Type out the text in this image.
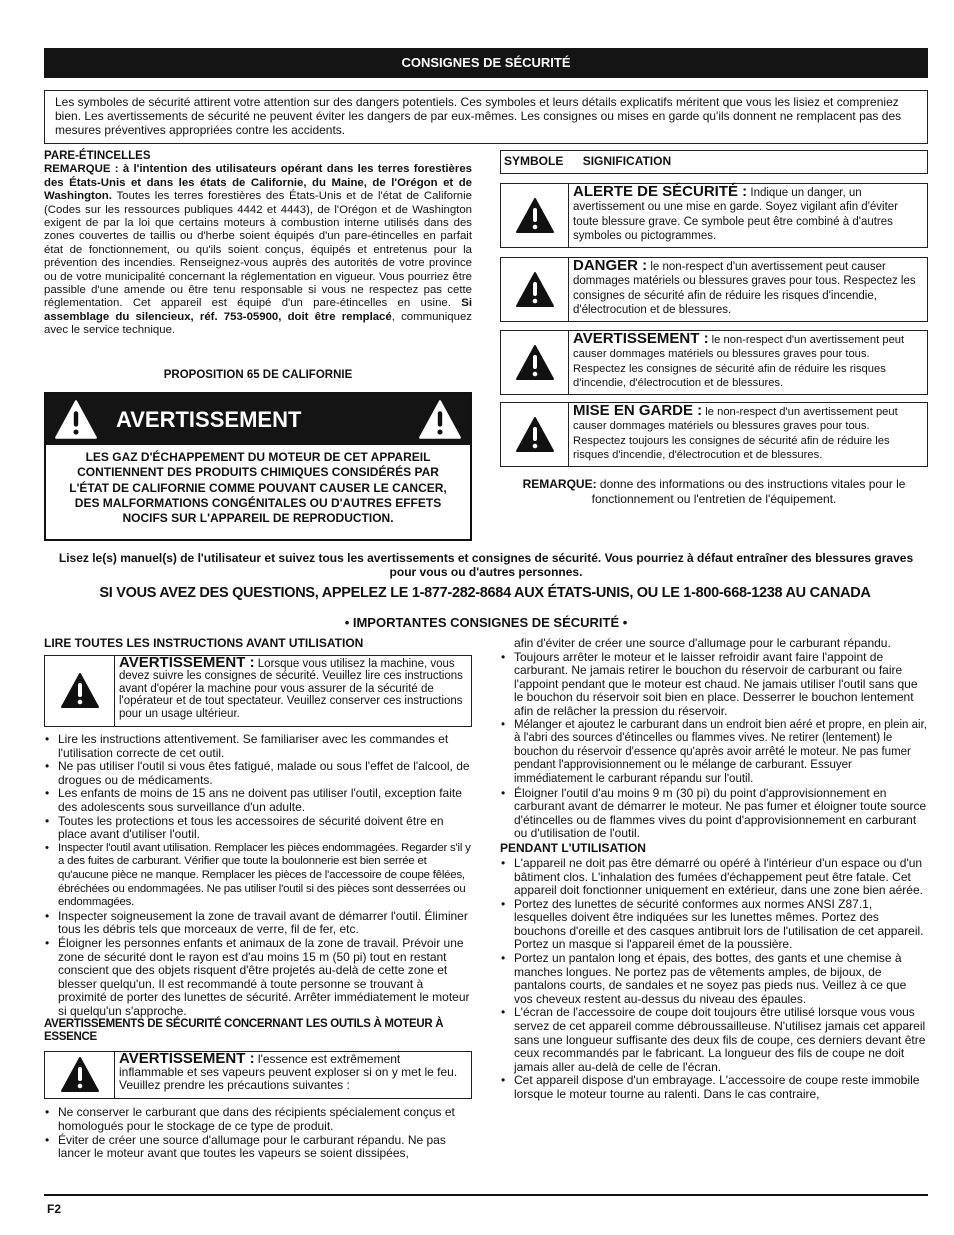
CONSIGNES DE SÉCURITÉ
Les symboles de sécurité attirent votre attention sur des dangers potentiels. Ces symboles et leurs détails explicatifs méritent que vous les lisiez et compreniez bien. Les avertissements de sécurité ne peuvent éviter les dangers de par eux-mêmes. Les consignes ou mises en garde qu'ils donnent ne remplacent pas des mesures préventives appropriées contre les accidents.
PARE-ÉTINCELLES
REMARQUE : à l'intention des utilisateurs opérant dans les terres forestières des États-Unis et dans les états de Californie, du Maine, de l'Orégon et de Washington. Toutes les terres forestières des États-Unis et de l'état de Californie (Codes sur les ressources publiques 4442 et 4443), de l'Orégon et de Washington exigent de par la loi que certains moteurs à combustion interne utilisés dans des zones couvertes de taillis ou d'herbe soient équipés d'un pare-étincelles en parfait état de fonctionnement, ou qu'ils soient conçus, équipés et entretenus pour la prévention des incendies. Renseignez-vous auprès des autorités de votre province ou de votre municipalité concernant la réglementation en vigueur. Vous pourriez être passible d'une amende ou être tenu responsable si vous ne respectez pas cette réglementation. Cet appareil est équipé d'un pare-étincelles en usine. Si assemblage du silencieux, réf. 753-05900, doit être remplacé, communiquez avec le service technique.
PROPOSITION 65 DE CALIFORNIE
AVERTISSEMENT
LES GAZ D'ÉCHAPPEMENT DU MOTEUR DE CET APPAREIL CONTIENNENT DES PRODUITS CHIMIQUES CONSIDÉRÉS PAR L'ÉTAT DE CALIFORNIE COMME POUVANT CAUSER LE CANCER, DES MALFORMATIONS CONGÉNITALES OU D'AUTRES EFFETS NOCIFS SUR L'APPAREIL DE REPRODUCTION.
SYMBOLE SIGNIFICATION
ALERTE DE SÉCURITÉ : Indique un danger, un avertissement ou une mise en garde. Soyez vigilant afin d'éviter toute blessure grave. Ce symbole peut être combiné à d'autres symboles ou pictogrammes.
DANGER : le non-respect d'un avertissement peut causer dommages matériels ou blessures graves pour tous. Respectez les consignes de sécurité afin de réduire les risques d'incendie, d'électrocution et de blessures.
AVERTISSEMENT : le non-respect d'un avertissement peut causer dommages matériels ou blessures graves pour tous. Respectez les consignes de sécurité afin de réduire les risques d'incendie, d'électrocution et de blessures.
MISE EN GARDE : le non-respect d'un avertissement peut causer dommages matériels ou blessures graves pour tous. Respectez toujours les consignes de sécurité afin de réduire les risques d'incendie, d'électrocution et de blessures.
REMARQUE: donne des informations ou des instructions vitales pour le fonctionnement ou l'entretien de l'équipement.
Lisez le(s) manuel(s) de l'utilisateur et suivez tous les avertissements et consignes de sécurité. Vous pourriez à défaut entraîner des blessures graves pour vous ou d'autres personnes.
SI VOUS AVEZ DES QUESTIONS, APPELEZ LE 1-877-282-8684 AUX ÉTATS-UNIS, OU LE 1-800-668-1238 AU CANADA
• IMPORTANTES CONSIGNES DE SÉCURITÉ •
LIRE TOUTES LES INSTRUCTIONS AVANT UTILISATION
AVERTISSEMENT : Lorsque vous utilisez la machine, vous devez suivre les consignes de sécurité. Veuillez lire ces instructions avant d'opérer la machine pour vous assurer de la sécurité de l'opérateur et de tout spectateur. Veuillez conserver ces instructions pour un usage ultérieur.
• Lire les instructions attentivement. Se familiariser avec les commandes et l'utilisation correcte de cet outil.
• Ne pas utiliser l'outil si vous êtes fatigué, malade ou sous l'effet de l'alcool, de drogues ou de médicaments.
• Les enfants de moins de 15 ans ne doivent pas utiliser l'outil, exception faite des adolescents sous surveillance d'un adulte.
• Toutes les protections et tous les accessoires de sécurité doivent être en place avant d'utiliser l'outil.
• Inspecter l'outil avant utilisation. Remplacer les pièces endommagées. Regarder s'il y a des fuites de carburant. Vérifier que toute la boulonnerie est bien serrée et qu'aucune pièce ne manque. Remplacer les pièces de l'accessoire de coupe fêlées, ébréchées ou endommagées. Ne pas utiliser l'outil si des pièces sont desserrées ou endommagées.
• Inspecter soigneusement la zone de travail avant de démarrer l'outil. Éliminer tous les débris tels que morceaux de verre, fil de fer, etc.
• Éloigner les personnes enfants et animaux de la zone de travail. Prévoir une zone de sécurité dont le rayon est d'au moins 15 m (50 pi) tout en restant conscient que des objets risquent d'être projetés au-delà de cette zone et blesser quelqu'un. Il est recommandé à toute personne se trouvant à proximité de porter des lunettes de sécurité. Arrêter immédiatement le moteur si quelqu'un s'approche.
AVERTISSEMENTS DE SÉCURITÉ CONCERNANT LES OUTILS À MOTEUR À ESSENCE
AVERTISSEMENT : l'essence est extrêmement inflammable et ses vapeurs peuvent exploser si on y met le feu. Veuillez prendre les précautions suivantes :
• Ne conserver le carburant que dans des récipients spécialement conçus et homologués pour le stockage de ce type de produit.
• Éviter de créer une source d'allumage pour le carburant répandu. Ne pas lancer le moteur avant que toutes les vapeurs se soient dissipées,
afin d'éviter de créer une source d'allumage pour le carburant répandu.
• Toujours arrêter le moteur et le laisser refroidir avant faire l'appoint de carburant. Ne jamais retirer le bouchon du réservoir de carburant ou faire l'appoint pendant que le moteur est chaud. Ne jamais utiliser l'outil sans que le bouchon du réservoir soit bien en place. Desserrer le bouchon lentement afin de relâcher la pression du réservoir.
• Mélanger et ajoutez le carburant dans un endroit bien aéré et propre, en plein air, à l'abri des sources d'étincelles ou flammes vives. Ne retirer (lentement) le bouchon du réservoir d'essence qu'après avoir arrêté le moteur. Ne pas fumer pendant l'approvisionnement ou le mélange de carburant. Essuyer immédiatement le carburant répandu sur l'outil.
• Éloigner l'outil d'au moins 9 m (30 pi) du point d'approvisionnement en carburant avant de démarrer le moteur. Ne pas fumer et éloigner toute source d'étincelles ou de flammes vives du point d'approvisionnement en carburant ou d'utilisation de l'outil.
PENDANT L'UTILISATION
• L'appareil ne doit pas être démarré ou opéré à l'intérieur d'un espace ou d'un bâtiment clos. L'inhalation des fumées d'échappement peut être fatale. Cet appareil doit fonctionner uniquement en extérieur, dans une zone bien aérée.
• Portez des lunettes de sécurité conformes aux normes ANSI Z87.1, lesquelles doivent être indiquées sur les lunettes mêmes. Portez des bouchons d'oreille et des casques antibruit lors de l'utilisation de cet appareil. Portez un masque si l'appareil émet de la poussière.
• Portez un pantalon long et épais, des bottes, des gants et une chemise à manches longues. Ne portez pas de vêtements amples, de bijoux, de pantalons courts, de sandales et ne soyez pas pieds nus. Veillez à ce que vos cheveux restent au-dessus du niveau des épaules.
• L'écran de l'accessoire de coupe doit toujours être utilisé lorsque vous vous servez de cet appareil comme débroussailleuse. N'utilisez jamais cet appareil sans une longueur suffisante des deux fils de coupe, ces derniers devant être ceux recommandés par le fabricant. La longueur des fils de coupe ne doit jamais aller au-delà de celle de l'écran.
• Cet appareil dispose d'un embrayage. L'accessoire de coupe reste immobile lorsque le moteur tourne au ralenti. Dans le cas contraire,
F2
